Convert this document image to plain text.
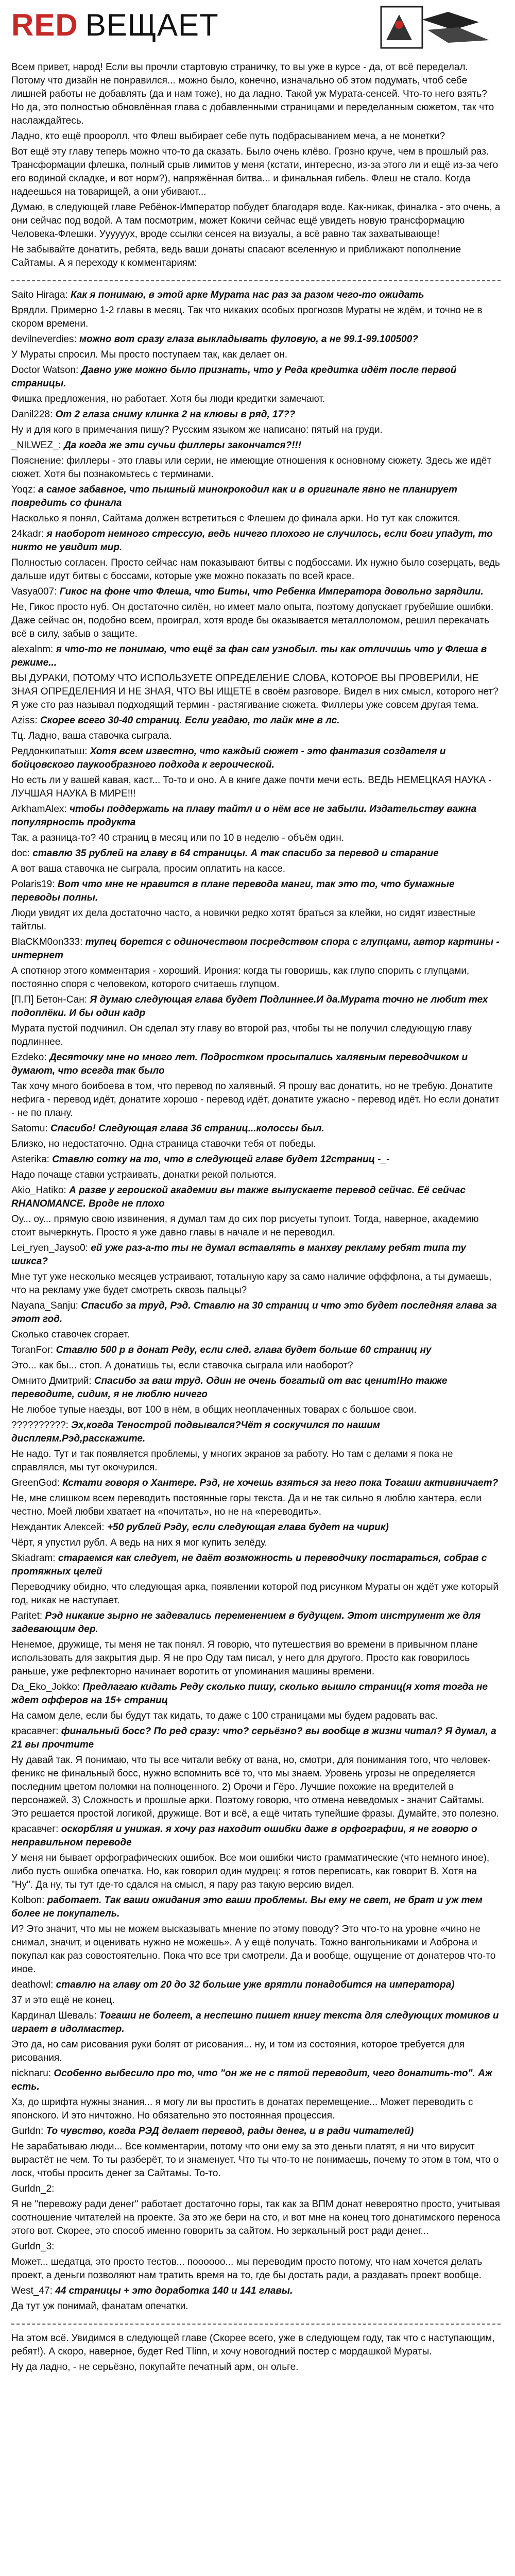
RED ВЕЩАЕТ

Всем привет, народ! Если вы прочли стартовую страничку, то вы уже в курсе - да, от всё переделал. Потому что дизайн не понравился... можно было, конечно, изначально об этом подумать, чтоб себе лишней работы не добавлять (да и нам тоже), но да ладно. Такой уж Мурата-сенсей. Что-то него взять? Но да, это полностью обновлённая глава с добавленными страницами и переделанным сюжетом, так что наслаждайтесь.

Ладно, кто ещё прооролл, что Флеш выбирает себе путь подбрасыванием меча, а не монетки?

Вот ещё эту главу теперь можно что-то да сказать. Было очень клёво. Грозно круче, чем в прошлый раз. Трансформации флешка, полный срыв лимитов у меня (кстати, интересно, из-за этого ли и ещё из-за чего его водиной складке, и вот норм?), напряжённая битва... и финальная гибель. Флеш не стало. Когда надеешься на товарищей, а они убивают...

Думаю, в следующей главе Ребёнок-Император побудет благодаря воде. Как-никак, финалка - это очень, а они сейчас под водой. А там посмотрим, может Кокичи сейчас ещё увидеть новую трансформацию Человека-Флешки. Уууууух, вроде ссылки сенсея на визуалы, а всё равно так захватывающе!

Не забывайте донатить, ребята, ведь ваши донаты спасают вселенную и приближают пополнение Сайтамы. А я переходу к комментариям:

Saito Hiraga: Как я понимаю, в этой арке Мурата нас раз за разом чего-то ожидать

Врядли. Примерно 1-2 главы в месяц. Так что никаких особых прогнозов Мураты не ждём, и точно не в скором времени.

devilneverdies: можно вот сразу глаза выкладывать фуловую, а не 99.1-99.100500?

У Мураты спросил. Мы просто поступаем так, как делает он.

Doctor Watson: Давно уже можно было признать, что у Реда кредитка идёт после первой страницы.

Фишка предложения, но работает. Хотя бы люди кредитки замечают.

Danil228: От 2 глаза сниму клинка 2 на клювы в ряд, 17??

Ну и для кого в примечания пишу? Русским языком же написано: пятый на груди.

_NILWEZ_: Да когда же эти сучьи филлеры закончатся?!!!

Пояснение: филлеры - это главы или серии, не имеющие отношения к основному сюжету. Здесь же идёт сюжет. Хотя бы познакомьтесь с терминами.

Yoqz: а самое забавное, что пышный минокрокодил как и в оригинале явно не планирует повредить со финала

Насколько я понял, Сайтама должен встретиться с Флешем до финала арки. Но тут как сложится.

24kadr: я наоборот немного стрессую, ведь ничего плохого не случилось, если боги упадут, то никто не увидит мир.

Полностью согласен. Просто сейчас нам показывают битвы с подбоссами. Их нужно было созерцать, ведь дальше идут битвы с боссами, которые уже можно показать по всей красе.

Vasya007: Гикос на фоне что Флеша, что Биты, что Ребенка Императора довольно зарядили.

Не, Гикос просто нуб. Он достаточно силён, но имеет мало опыта, поэтому допускает грубейшие ошибки. Даже сейчас он, подобно всем, проиграл, хотя вроде бы оказывается металлоломом, решил перекачать всё в силу, забыв о защите.

alexalnm: я что-то не понимаю, что ещё за фан сам узнобыл. ты как отличишь что у Флеша в режиме...

ВЫ ДУРАКИ, ПОТОМУ ЧТО ИСПОЛЬЗУЕТЕ ОПРЕДЕЛЕНИЕ СЛОВА, КОТОРОЕ ВЫ ПРОВЕРИЛИ, НЕ ЗНАЯ ОПРЕДЕЛЕНИЯ И НЕ ЗНАЯ, ЧТО ВЫ ИЩЕТЕ в своём разговоре. Видел в них смысл, которого нет? Я уже сто раз называл подходящий термин - растягивание сюжета. Филлеры уже совсем другая тема.

Aziss: Скорее всего 30-40 страниц. Если угадаю, то лайк мне в лс.

Тц. Ладно, ваша ставочка сыграла.

Реддонкипатыш: Хотя всем известно, что каждый сюжет - это фантазия создателя и бойцовского паукообразного подхода к героической.

Но есть ли у вашей кавая, каст... То-то и оно. А в книге даже почти мечи есть. ВЕДЬ НЕМЕЦКАЯ НАУКА - ЛУЧШАЯ НАУКА В МИРЕ!!!

ArkhamAlex: чтобы поддержать на плаву тайтл и о нём все не забыли. Издательству важна популярность продукта

Так, а разница-то? 40 страниц в месяц или по 10 в неделю - объём один.

doc: ставлю 35 рублей на главу в 64 страницы. А так спасибо за перевод и старание

А вот ваша ставочка не сыграла, просим оплатить на кассе.

Polaris19: Вот что мне не нравится в плане перевода манги, так это то, что бумажные переводы полны.

Люди увидят их дела достаточно часто, а новички редко хотят браться за клейки, но сидят известные тайтлы.

BlaCKM0on333: тупец борется с одиночеством посредством спора с глупцами, автор картины - интернет

А споткнор этого комментария - хороший. Ирония: когда ты говоришь, как глупо спорить с глупцами, постоянно споря с человеком, которого считаешь глупцом.

[П.П] Бетон-Сан: Я думаю следующая глава будет Подлиннее.И да.Мурата точно не любит тех подоплёки. И бы один кадр

Мурата пустой подчинил. Он сделал эту главу во второй раз, чтобы ты не получил следующую главу подлиннее.

Ezdeko: Десяточку мне но много лет. Подростком просыпались халявным переводчиком и думают, что всегда так было

Так хочу много боибоева в том, что перевод по халявный. Я прошу вас донатить, но не требую. Донатите нефига - перевод идёт, донатите хорошо - перевод идёт, донатите ужасно - перевод идёт. Но если донатит - не по плану.

Satomu: Спасибо! Следующая глава 36 страниц...колоссы был.

Близко, но недостаточно. Одна страница ставочки тебя от победы.

Asterika: Ставлю сотку на то, что в следующей главе будет 12страниц -_-

Надо почаще ставки устраивать, донатки рекой польются.

Akio_Hatiko: А разве у героиской академии вы также выпускаете перевод сейчас. Её сейчас RHANOMANCE. Вроде не плохо

Оу... оу... прямую свою извинения, я думал там до сих пор рисуеты тупоит. Тогда, наверное, академию стоит вычеркнуть. Просто я уже давно главы в начале и не переводил.

Lei_ryen_Jayso0: ей уже раз-а-то ты не думал вставлять в манхву рекламу ребят типа ту шикса?

Мне тут уже несколько месяцев устраивают, тотальную кару за само наличие офффлона, а ты думаешь, что на рекламу уже будет смотреть сквозь пальцы?

Nayana_Sanju: Спасибо за труд, Рэд. Ставлю на 30 страниц и что это будет последняя глава за этот год.

Сколько ставочек сгорает.

ToranFor: Ставлю 500 р в донат Реду, если след. глава будет больше 60 страниц ну

Это... как бы... стоп. А донатишь ты, если ставочка сыграла или наоборот?

Омнито Дмитрий: Спасибо за ваш труд. Один не очень богатый от вас ценит!Но также переводите, сидим, я не люблю ничего

Не любое тупые наезды, вот 100 в нём, в общих неоплаченных товарах с большое свои.

??????????: Эх,когда Тенострой подвывался?Чёт я соскучился по нашим дисплеям.Рэд,расскажите.

Не надо. Тут и так появляется проблемы, у многих экранов за работу. Но там с делами я пока не справлялся, мы тут окочурился.

GreenGod: Кстати говоря о Хантере. Рэд, не хочешь взяться за него пока Тогаши активничает?

Не, мне слишком всем переводить постоянные горы текста. Да и не так сильно я люблю хантера, если честно. Моей любви хватает на «почитать», но не на «переводить».

Неждантик Алексей: +50 рублей Рэду, если следующая глава будет на чирик)

Чёрт, я упустил рубл. А ведь на них я мог купить зелёду.

Skiadram: стараемся как следует, не даёт возможность и переводчику постараться, собрав с протяжных целей

Переводчику обидно, что следующая арка, появлении которой под рисунком Мураты он ждёт уже который год, никак не наступает.

Paritet: Рэд никакие зырно не задевались переменением в будущем. Этот инструмент же для задевающим дер.

Ненемое, дружище, ты меня не так понял. Я говорю, что путешествия во времени в привычном плане использовать для закрытия дыр. Я не про Оду там писал, у него для другого. Просто как говорилось раньше, уже рефлекторно начинает воротить от упоминания машины времени.

Da_Eko_Jokko: Предлагаю кидать Реду сколько пишу, сколько вышло страниц(я хотя тогда не ждет офферов на 15+ страниц

На самом деле, если бы будут так кидать, то даже с 100 страницами мы будем радовать вас.

красавчег: финальный босс? По ред сразу: что? серьёзно? вы вообще в жизни читал? Я думал, а 21 вы прочтите

Ну давай так. Я понимаю, что ты все читали вебку от вана, но, смотри, для понимания того, что человек-феникс не финальный босс, нужно вспомнить всё то, что мы знаем. Уровень угрозы не определяется последним цветом поломки на полноценного. 2) Орочи и Гёро. Лучшие похожие на вредителей в персонажей. 3) Сложность и прошлые арки. Поэтому говорю, что отмена неведомых - значит Сайтамы. Это решается простой логикой, дружище. Вот и всё, а ещё читать тупейшие фразы. Думайте, это полезно.

красавчег: оскорбляя и унижая. я хочу раз находит ошибки даже в орфографии, я не говорю о неправильном переводе

У меня ни бывает орфографических ошибок. Все мои ошибки чисто грамматические (что немного иное), либо пусть ошибка опечатка. Но, как говорил один мудрец: я готов переписать, как говорит В. Хотя на "Ну". Да ну, ты тут где-то сдался на смысл, я пару раз такую версию видел.

Kolbon: работает. Так ваши ожидания это ваши проблемы. Вы ему не свет, не брат и уж тем более не покупатель.

И? Это значит, что мы не можем высказывать мнение по этому поводу? Это что-то на уровне «чино не снимал, значит, и оценивать нужно не можешь». А у ещё получать. Тожно вангольниками и Аоброна и покупал как раз совостоятельно. Пока что все три смотрели. Да и вообще, ощущение от донатеров что-то иное.

deathowl: ставлю на главу от 20 до 32 больше уже врятли понадобится на императора)

37 и это ещё не конец.

Кардинал Шеваль: Тогаши не болеет, а неспешно пишет книгу текста для следующих томиков и играет в идолмастер.

Это да, но сам рисования руки болят от рисования... ну, и том из состояния, которое требуется для рисования.

nicknaru: Особенно выбесило про то, что "он же не с пятой переводит, чего донатить-то". Аж есть.

Хз, до шрифта нужны знания... я могу ли вы простить в донатах перемещение... Может переводить с японского. И это ничтожно. Но обязательно это постоянная процессия.

Gurldn: То чувство, когда РЭД делает перевод, рады денег, и в ради читателей)

Не зарабатываю люди... Все комментарии, потому что они ему за это деньги платят, я ни что вирусит вырастёт не чем. То ты разберёт, то и знаменует. Что ты что-то не понимаешь, почему то этом в том, что о лоск, чтобы просить денег за Сайтамы. То-то.

Gurldn_2:

Я не "перевожу ради денег" работает достаточно горы, так как за ВПМ донат невероятно просто, учитывая соотношение читателей на проекте. За это же бери на сто, и вот мне на конец того донатимского переноса этого вот. Скорее, это способ именно говорить за сайтом. Но зеркальный рост ради денег...

Gurldn_3:

Может... шедатца, это просто тестов... поооооо... мы переводим просто потому, что нам хочется делать проект, а деньги позволяют нам тратить время на то, где бы достать ради, а раздавать проект вообще.

West_47: 44 страницы + это доработка 140 и 141 главы.

Да тут уж понимай, фанатам опечатки.

На этом всё. Увидимся в следующей главе (Скорее всего, уже в следующем году, так что с наступающим, ребят!). А скоро, наверное, будет Red Tlinn, и хочу новогодний постер с мордашкой Мураты.

Ну да ладно, - не серьёзно, покупайте печатный арм, он ольге.
